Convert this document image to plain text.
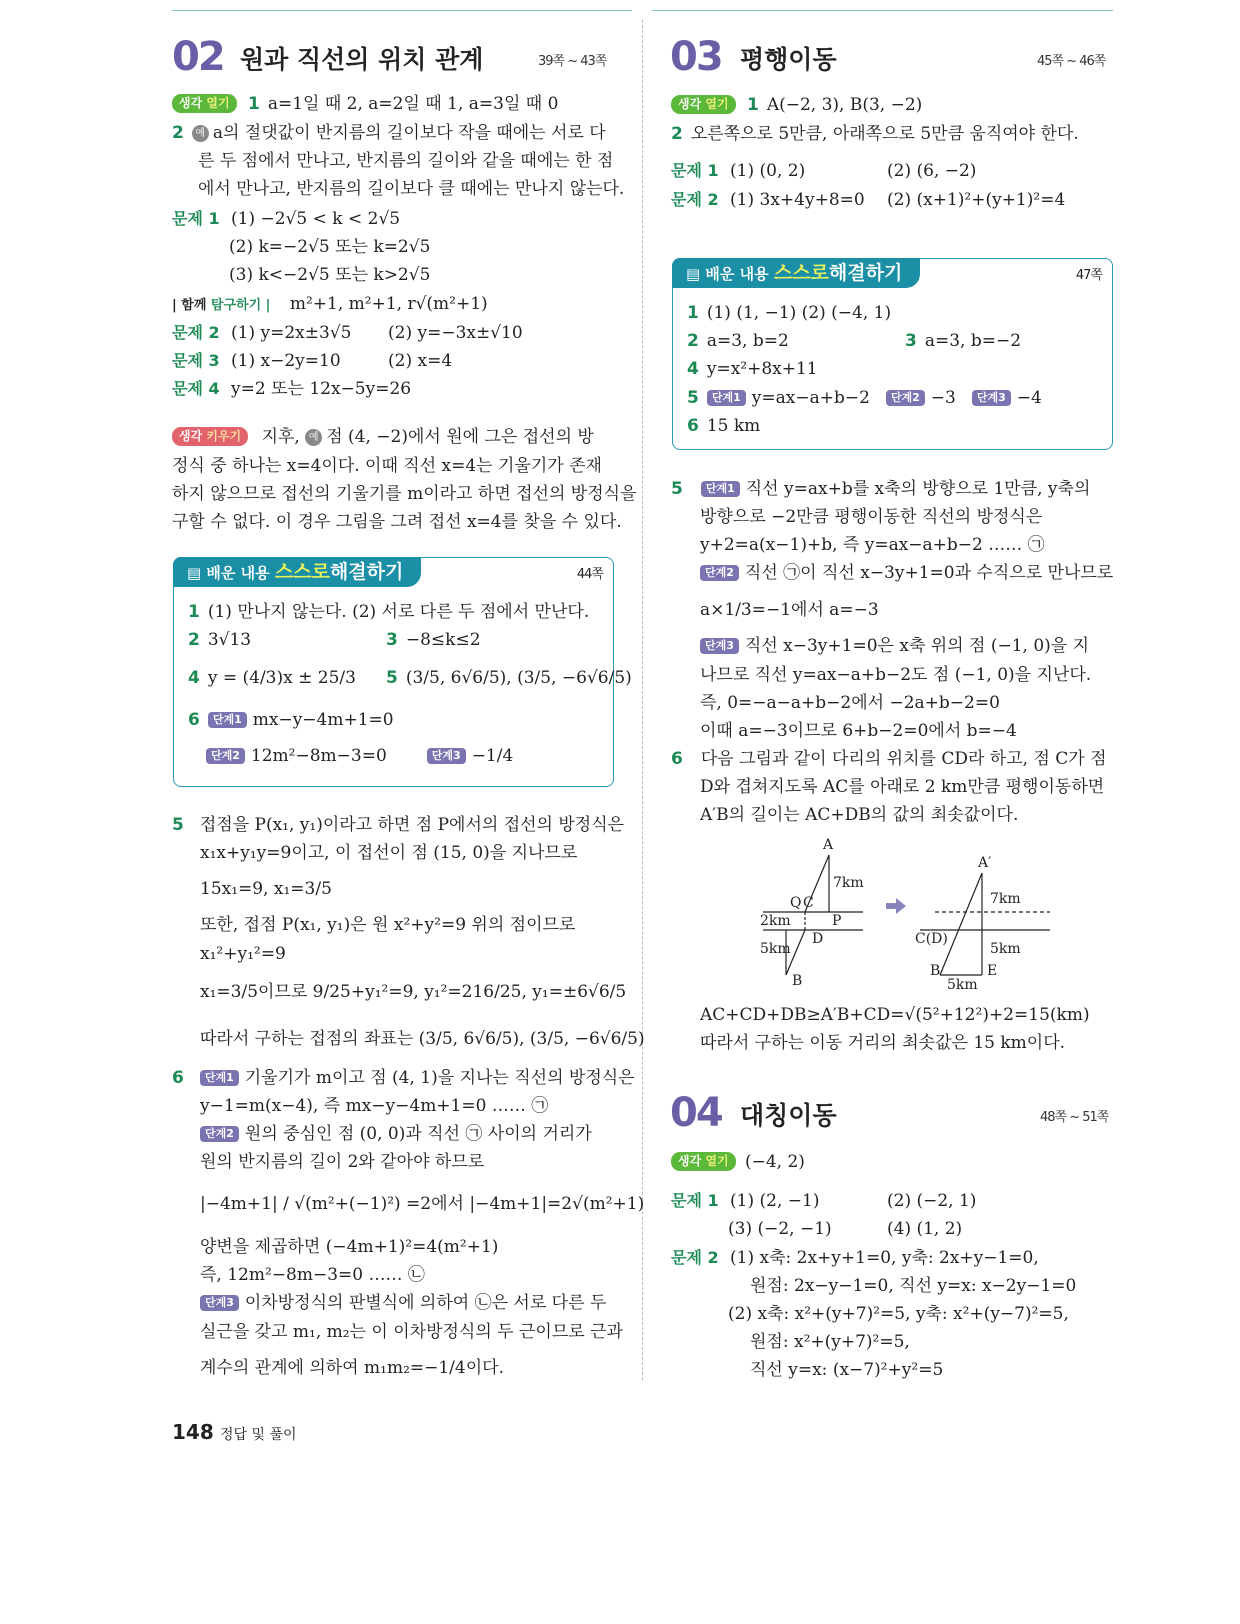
02 원과 직선의 위치 관계	39쪽 ~ 43쪽
생각 열기 1 a=1일 때 2, a=2일 때 1, a=3일 때 0
2 예 a의 절댓값이 반지름의 길이보다 작을 때에는 서로 다
른 두 점에서 만나고, 반지름의 길이와 같을 때에는 한 점
에서 만나고, 반지름의 길이보다 클 때에는 만나지 않는다.
문제 1 (1) −2√5 < k < 2√5
(2) k=−2√5 또는 k=2√5
(3) k<−2√5 또는 k>2√5
| 함께 탐구하기 | m²+1, m²+1, r√(m²+1)
문제 2 (1) y=2x±3√5 (2) y=−3x±√10
문제 3 (1) x−2y=10	(2) x=4
문제 4 y=2 또는 12x−5y=26
생각 키우기 지후, 예 점 (4, −2)에서 원에 그은 접선의 방
정식 중 하나는 x=4이다. 이때 직선 x=4는 기울기가 존재
하지 않으므로 접선의 기울기를 m이라고 하면 접선의 방정식을
구할 수 없다. 이 경우 그림을 그려 접선 x=4를 찾을 수 있다.
▤ 배운 내용 스스로해결하기	44쪽
1 (1) 만나지 않는다. (2) 서로 다른 두 점에서 만난다.
2 3√13	3 −8≤k≤2
4 y = (4/3)x ± 25/3 5 (3/5, 6√6/5), (3/5, −6√6/5)
6 단계1 mx−y−4m+1=0
단계2 12m²−8m−3=0	단계3 −1/4
5 접점을 P(x₁, y₁)이라고 하면 점 P에서의 접선의 방정식은
x₁x+y₁y=9이고, 이 접선이 점 (15, 0)을 지나므로
15x₁=9, x₁=3/5
또한, 접점 P(x₁, y₁)은 원 x²+y²=9 위의 점이므로
x₁²+y₁²=9
x₁=3/5이므로 9/25+y₁²=9, y₁²=216/25, y₁=±6√6/5
따라서 구하는 접점의 좌표는 (3/5, 6√6/5), (3/5, −6√6/5)
6 단계1 기울기가 m이고 점 (4, 1)을 지나는 직선의 방정식은
y−1=m(x−4), 즉 mx−y−4m+1=0 …… ㉠
단계2 원의 중심인 점 (0, 0)과 직선 ㉠ 사이의 거리가
원의 반지름의 길이 2와 같아야 하므로
|−4m+1| / √(m²+(−1)²) =2에서 |−4m+1|=2√(m²+1)
양변을 제곱하면 (−4m+1)²=4(m²+1)
즉, 12m²−8m−3=0 …… ㉡
단계3 이차방정식의 판별식에 의하여 ㉡은 서로 다른 두
실근을 갖고 m₁, m₂는 이 이차방정식의 두 근이므로 근과
계수의 관계에 의하여 m₁m₂=−1/4이다.
148 정답 및 풀이
03 평행이동	45쪽 ~ 46쪽
생각 열기 1 A(−2, 3), B(3, −2)
2 오른쪽으로 5만큼, 아래쪽으로 5만큼 움직여야 한다.
문제 1 (1) (0, 2)	(2) (6, −2)
문제 2 (1) 3x+4y+8=0 (2) (x+1)²+(y+1)²=4
▤ 배운 내용 스스로해결하기	47쪽
1 (1) (1, −1) (2) (−4, 1)
2 a=3, b=2	3 a=3, b=−2
4 y=x²+8x+11
5 단계1 y=ax−a+b−2 단계2 −3 단계3 −4
6 15 km
5 단계1 직선 y=ax+b를 x축의 방향으로 1만큼, y축의
방향으로 −2만큼 평행이동한 직선의 방정식은
y+2=a(x−1)+b, 즉 y=ax−a+b−2 …… ㉠
단계2 직선 ㉠이 직선 x−3y+1=0과 수직으로 만나므로
a×1/3=−1에서 a=−3
단계3 직선 x−3y+1=0은 x축 위의 점 (−1, 0)을 지
나므로 직선 y=ax−a+b−2도 점 (−1, 0)을 지난다.
즉, 0=−a−a+b−2에서 −2a+b−2=0
이때 a=−3이므로 6+b−2=0에서 b=−4
6 다음 그림과 같이 다리의 위치를 CD라 하고, 점 C가 점
D와 겹쳐지도록 AC를 아래로 2 km만큼 평행이동하면
A′B의 길이는 AC+DB의 값의 최솟값이다.
A
7km
Q C
2km	P
D
5km
B
A′
7km
C(D)
5km
B	E
5km
AC+CD+DB≥A′B+CD=√(5²+12²)+2=15(km)
따라서 구하는 이동 거리의 최솟값은 15 km이다.
04 대칭이동	48쪽 ~ 51쪽
생각 열기 (−4, 2)
문제 1 (1) (2, −1)	(2) (−2, 1)
(3) (−2, −1)	(4) (1, 2)
문제 2 (1) x축: 2x+y+1=0, y축: 2x+y−1=0,
원점: 2x−y−1=0, 직선 y=x: x−2y−1=0
(2) x축: x²+(y+7)²=5, y축: x²+(y−7)²=5,
원점: x²+(y+7)²=5,
직선 y=x: (x−7)²+y²=5
